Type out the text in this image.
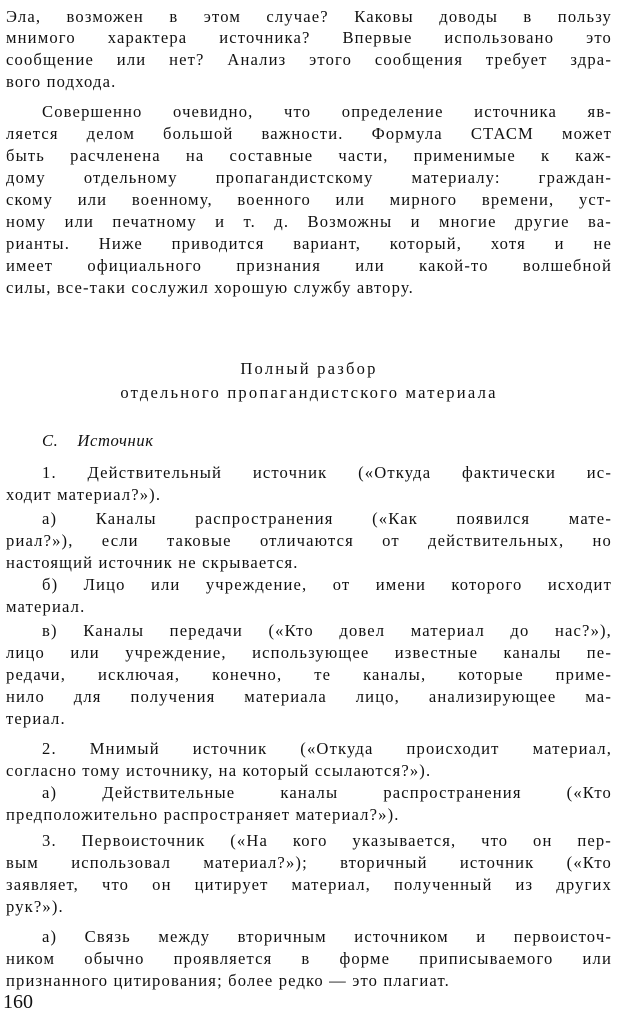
Эла, возможен в этом случае? Каковы доводы в пользу
мнимого характера источника? Впервые использовано это
сообщение или нет? Анализ этого сообщения требует здра-
вого подхода.
Совершенно очевидно, что определение источника яв-
ляется делом большой важности. Формула СТАСМ может
быть расчленена на составные части, применимые к каж-
дому отдельному пропагандистскому материалу: граждан-
скому или военному, военного или мирного времени, уст-
ному или печатному и т. д. Возможны и многие другие ва-
рианты. Ниже приводится вариант, который, хотя и не
имеет официального признания или какой-то волшебной
силы, все-таки сослужил хорошую службу автору.
Полный разбор
отдельного пропагандистского материала
С. Источник
1. Действительный источник («Откуда фактически ис-
ходит материал?»).
а) Каналы распространения («Как появился мате-
риал?»), если таковые отличаются от действительных, но
настоящий источник не скрывается.
б) Лицо или учреждение, от имени которого исходит
материал.
в) Каналы передачи («Кто довел материал до нас?»),
лицо или учреждение, использующее известные каналы пе-
редачи, исключая, конечно, те каналы, которые приме-
нило для получения материала лицо, анализирующее ма-
териал.
2. Мнимый источник («Откуда происходит материал,
согласно тому источнику, на который ссылаются?»).
а) Действительные каналы распространения («Кто
предположительно распространяет материал?»).
3. Первоисточник («На кого указывается, что он пер-
вым использовал материал?»); вторичный источник («Кто
заявляет, что он цитирует материал, полученный из других
рук?»).
а) Связь между вторичным источником и первоисточ-
ником обычно проявляется в форме приписываемого или
признанного цитирования; более редко — это плагиат.
160
